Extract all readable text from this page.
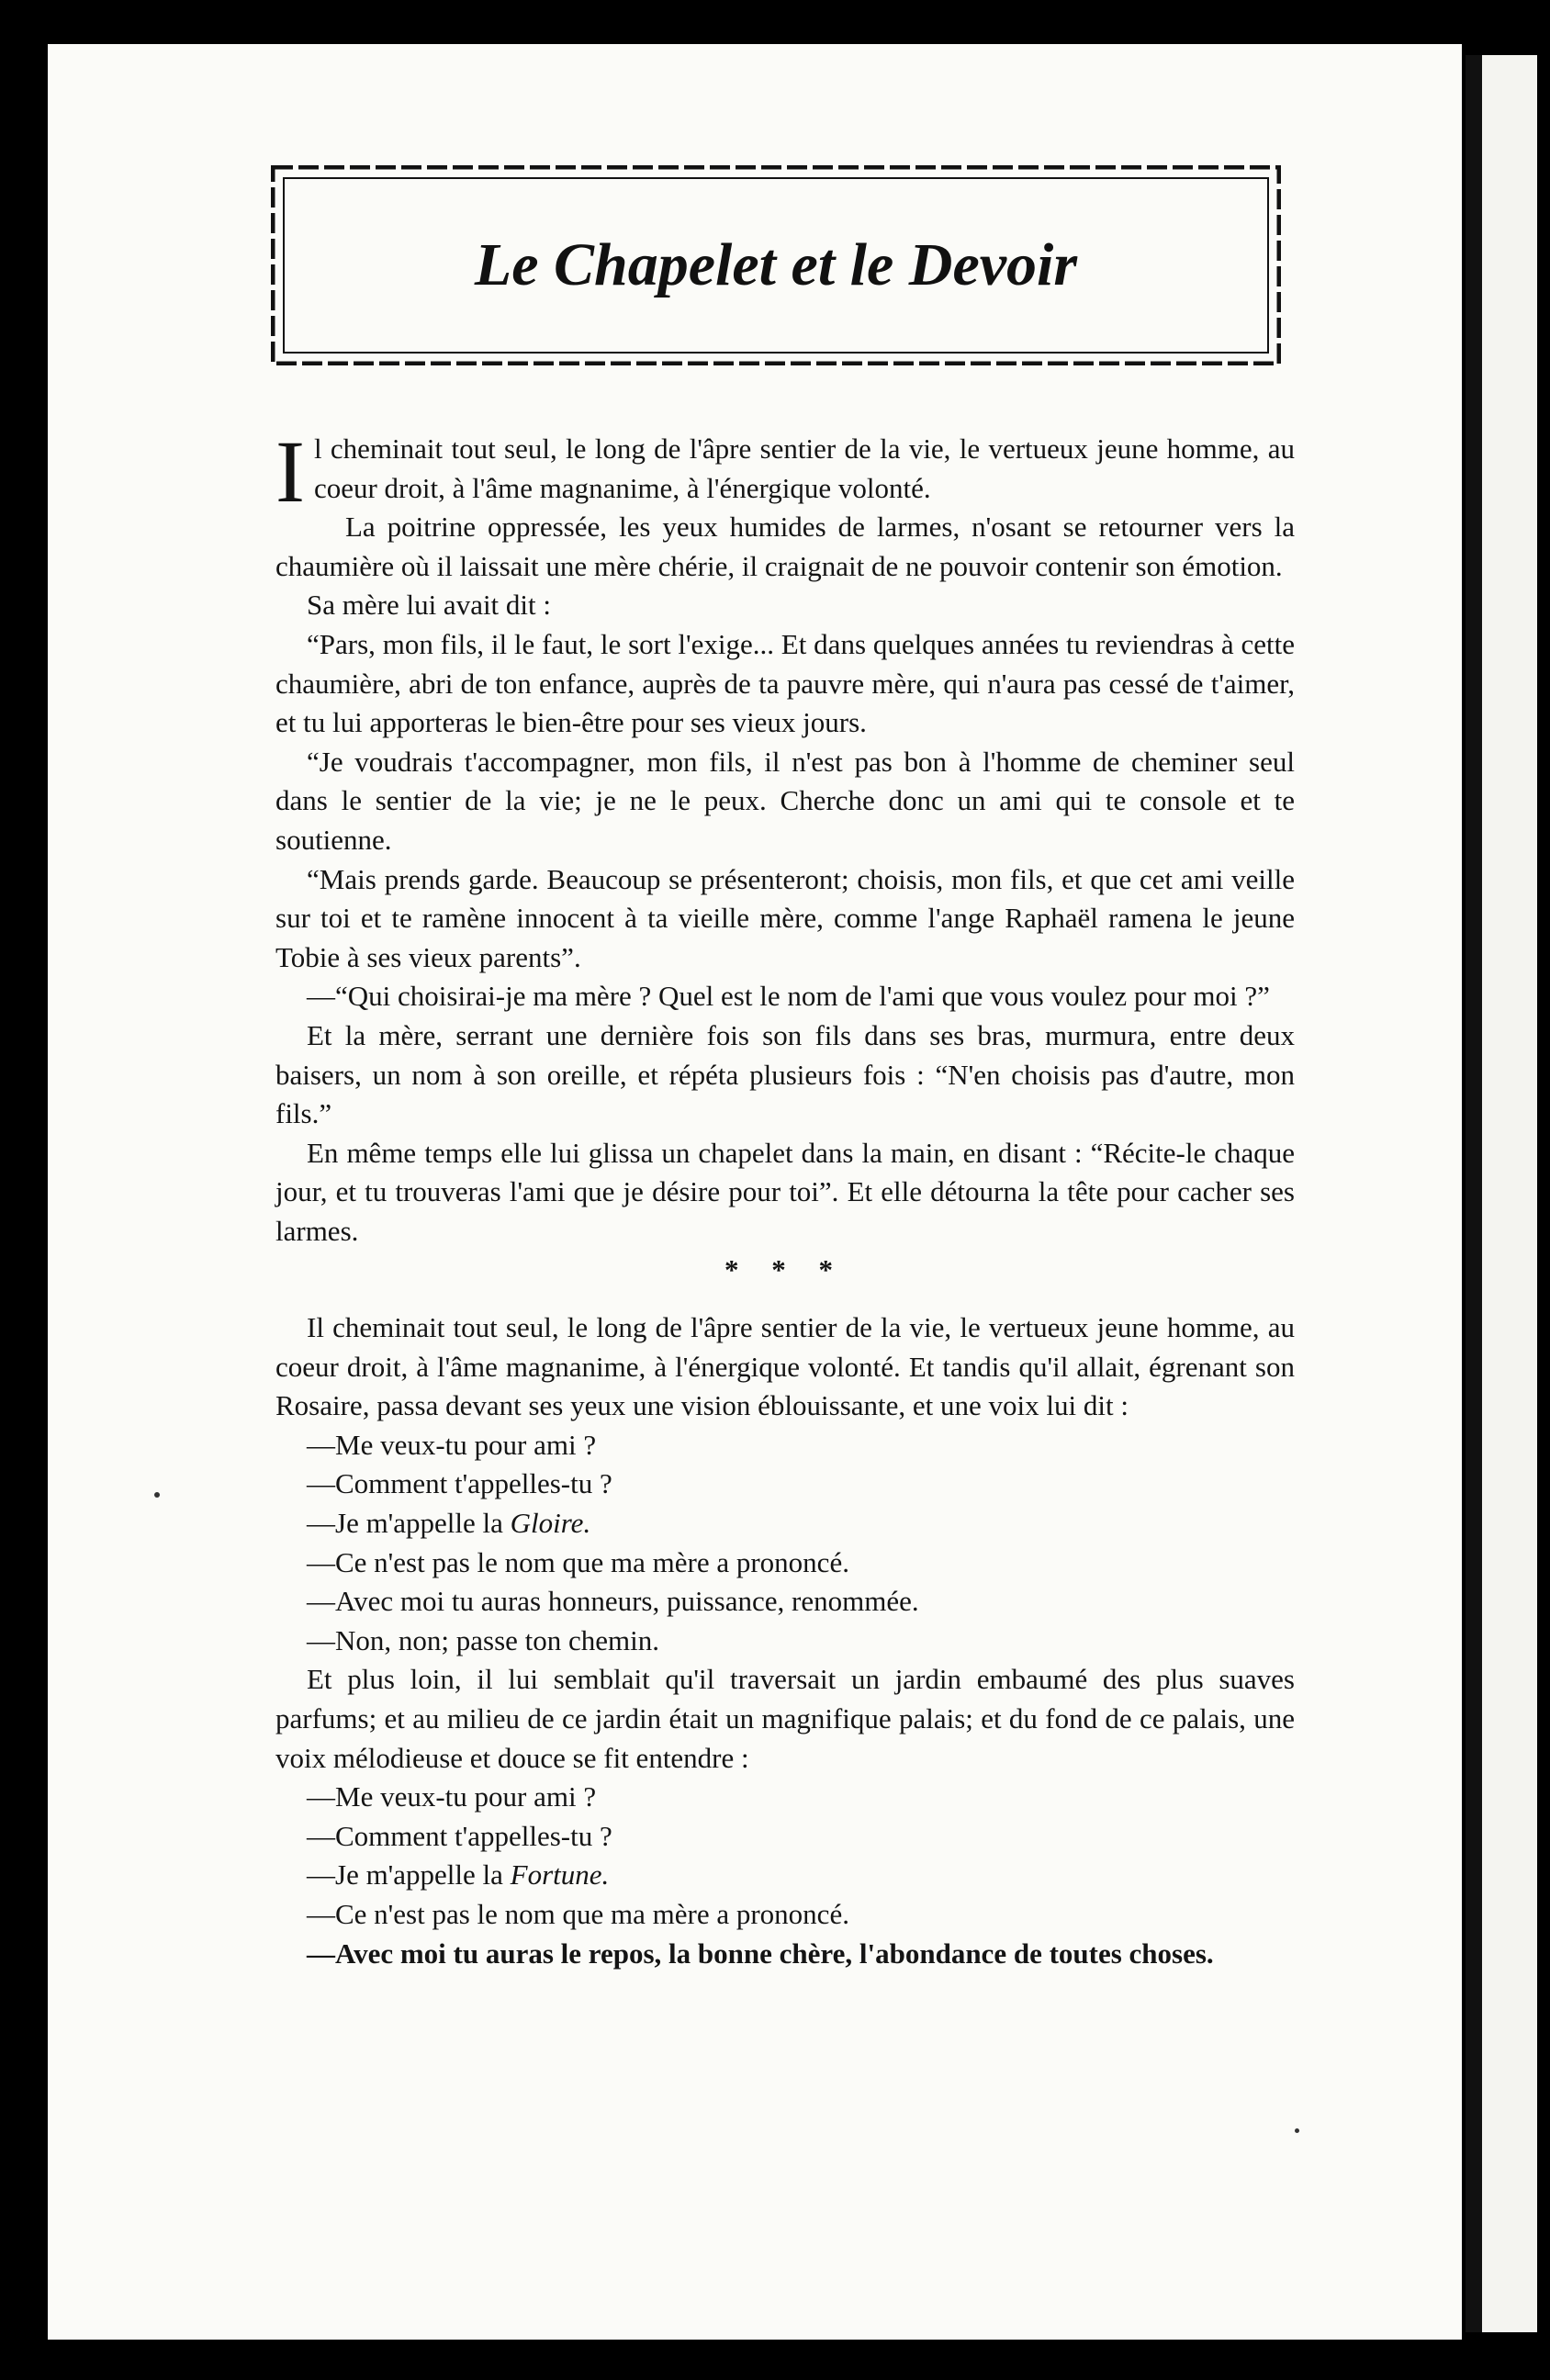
Le Chapelet et le Devoir

Il cheminait tout seul, le long de l'âpre sentier de la vie, le vertueux jeune homme, au coeur droit, à l'âme magnanime, à l'énergique volonté.

La poitrine oppressée, les yeux humides de larmes, n'osant se retourner vers la chaumière où il laissait une mère chérie, il craignait de ne pouvoir contenir son émotion.

Sa mère lui avait dit :

“Pars, mon fils, il le faut, le sort l'exige... Et dans quelques années tu reviendras à cette chaumière, abri de ton enfance, auprès de ta pauvre mère, qui n'aura pas cessé de t'aimer, et tu lui apporteras le bien-être pour ses vieux jours.

“Je voudrais t'accompagner, mon fils, il n'est pas bon à l'homme de cheminer seul dans le sentier de la vie; je ne le peux. Cherche donc un ami qui te console et te soutienne.

“Mais prends garde. Beaucoup se présenteront; choisis, mon fils, et que cet ami veille sur toi et te ramène innocent à ta vieille mère, comme l'ange Raphaël ramena le jeune Tobie à ses vieux parents”.

—“Qui choisirai-je ma mère ? Quel est le nom de l'ami que vous voulez pour moi ?”

Et la mère, serrant une dernière fois son fils dans ses bras, murmura, entre deux baisers, un nom à son oreille, et répéta plusieurs fois : “N'en choisis pas d'autre, mon fils.”

En même temps elle lui glissa un chapelet dans la main, en disant : “Récite-le chaque jour, et tu trouveras l'ami que je désire pour toi”. Et elle détourna la tête pour cacher ses larmes.

* * *

Il cheminait tout seul, le long de l'âpre sentier de la vie, le vertueux jeune homme, au coeur droit, à l'âme magnanime, à l'énergique volonté. Et tandis qu'il allait, égrenant son Rosaire, passa devant ses yeux une vision éblouissante, et une voix lui dit :

—Me veux-tu pour ami ?

—Comment t'appelles-tu ?

—Je m'appelle la Gloire.

—Ce n'est pas le nom que ma mère a prononcé.

—Avec moi tu auras honneurs, puissance, renommée.

—Non, non; passe ton chemin.

Et plus loin, il lui semblait qu'il traversait un jardin embaumé des plus suaves parfums; et au milieu de ce jardin était un magnifique palais; et du fond de ce palais, une voix mélodieuse et douce se fit entendre :

—Me veux-tu pour ami ?

—Comment t'appelles-tu ?

—Je m'appelle la Fortune.

—Ce n'est pas le nom que ma mère a prononcé.

—Avec moi tu auras le repos, la bonne chère, l'abondance de toutes choses.
